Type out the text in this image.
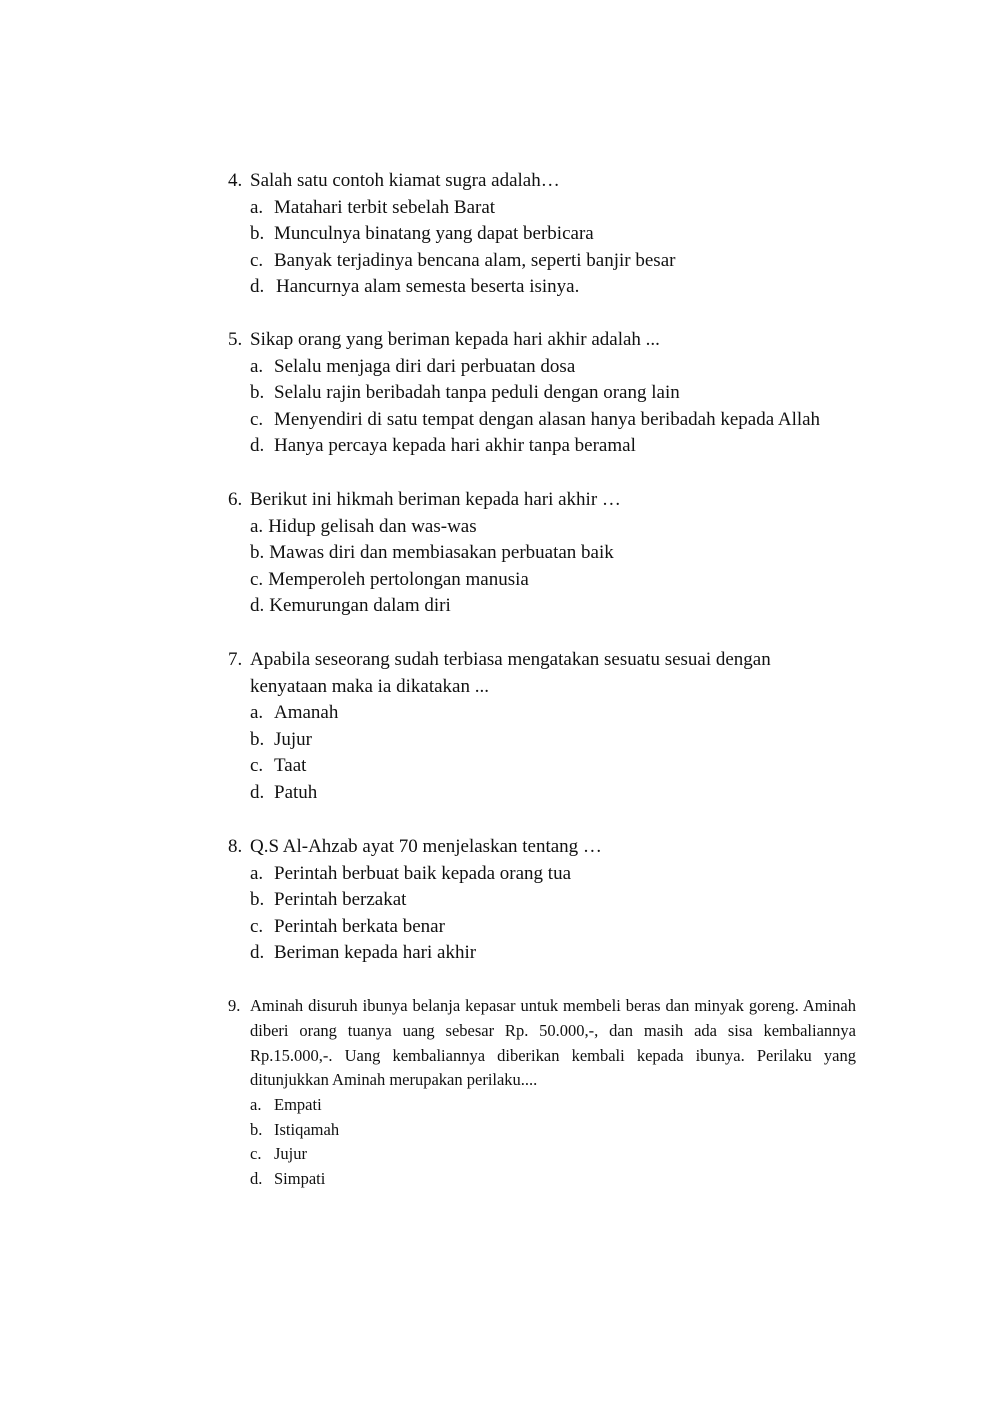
4. Salah satu contoh kiamat sugra adalah…
a. Matahari terbit sebelah Barat
b. Munculnya binatang yang dapat berbicara
c. Banyak terjadinya bencana alam, seperti banjir besar
d. Hancurnya alam semesta beserta isinya.
5. Sikap orang yang beriman kepada hari akhir adalah ...
a. Selalu menjaga diri dari perbuatan dosa
b. Selalu rajin beribadah tanpa peduli dengan orang lain
c. Menyendiri di satu tempat dengan alasan hanya beribadah kepada Allah
d. Hanya percaya kepada hari akhir tanpa beramal
6. Berikut ini hikmah beriman kepada hari akhir …
a. Hidup gelisah dan was-was
b. Mawas diri dan membiasakan perbuatan baik
c. Memperoleh pertolongan manusia
d. Kemurungan dalam diri
7. Apabila seseorang sudah terbiasa mengatakan sesuatu sesuai dengan kenyataan maka ia dikatakan ...
a. Amanah
b. Jujur
c. Taat
d. Patuh
8. Q.S Al-Ahzab ayat 70 menjelaskan tentang …
a. Perintah berbuat baik kepada orang tua
b. Perintah berzakat
c. Perintah berkata benar
d. Beriman kepada hari akhir
9. Aminah disuruh ibunya belanja kepasar untuk membeli beras dan minyak goreng. Aminah diberi orang tuanya uang sebesar Rp. 50.000,-, dan masih ada sisa kembaliannya Rp.15.000,-. Uang kembaliannya diberikan kembali kepada ibunya. Perilaku yang ditunjukkan Aminah merupakan perilaku....
a. Empati
b. Istiqamah
c. Jujur
d. Simpati
